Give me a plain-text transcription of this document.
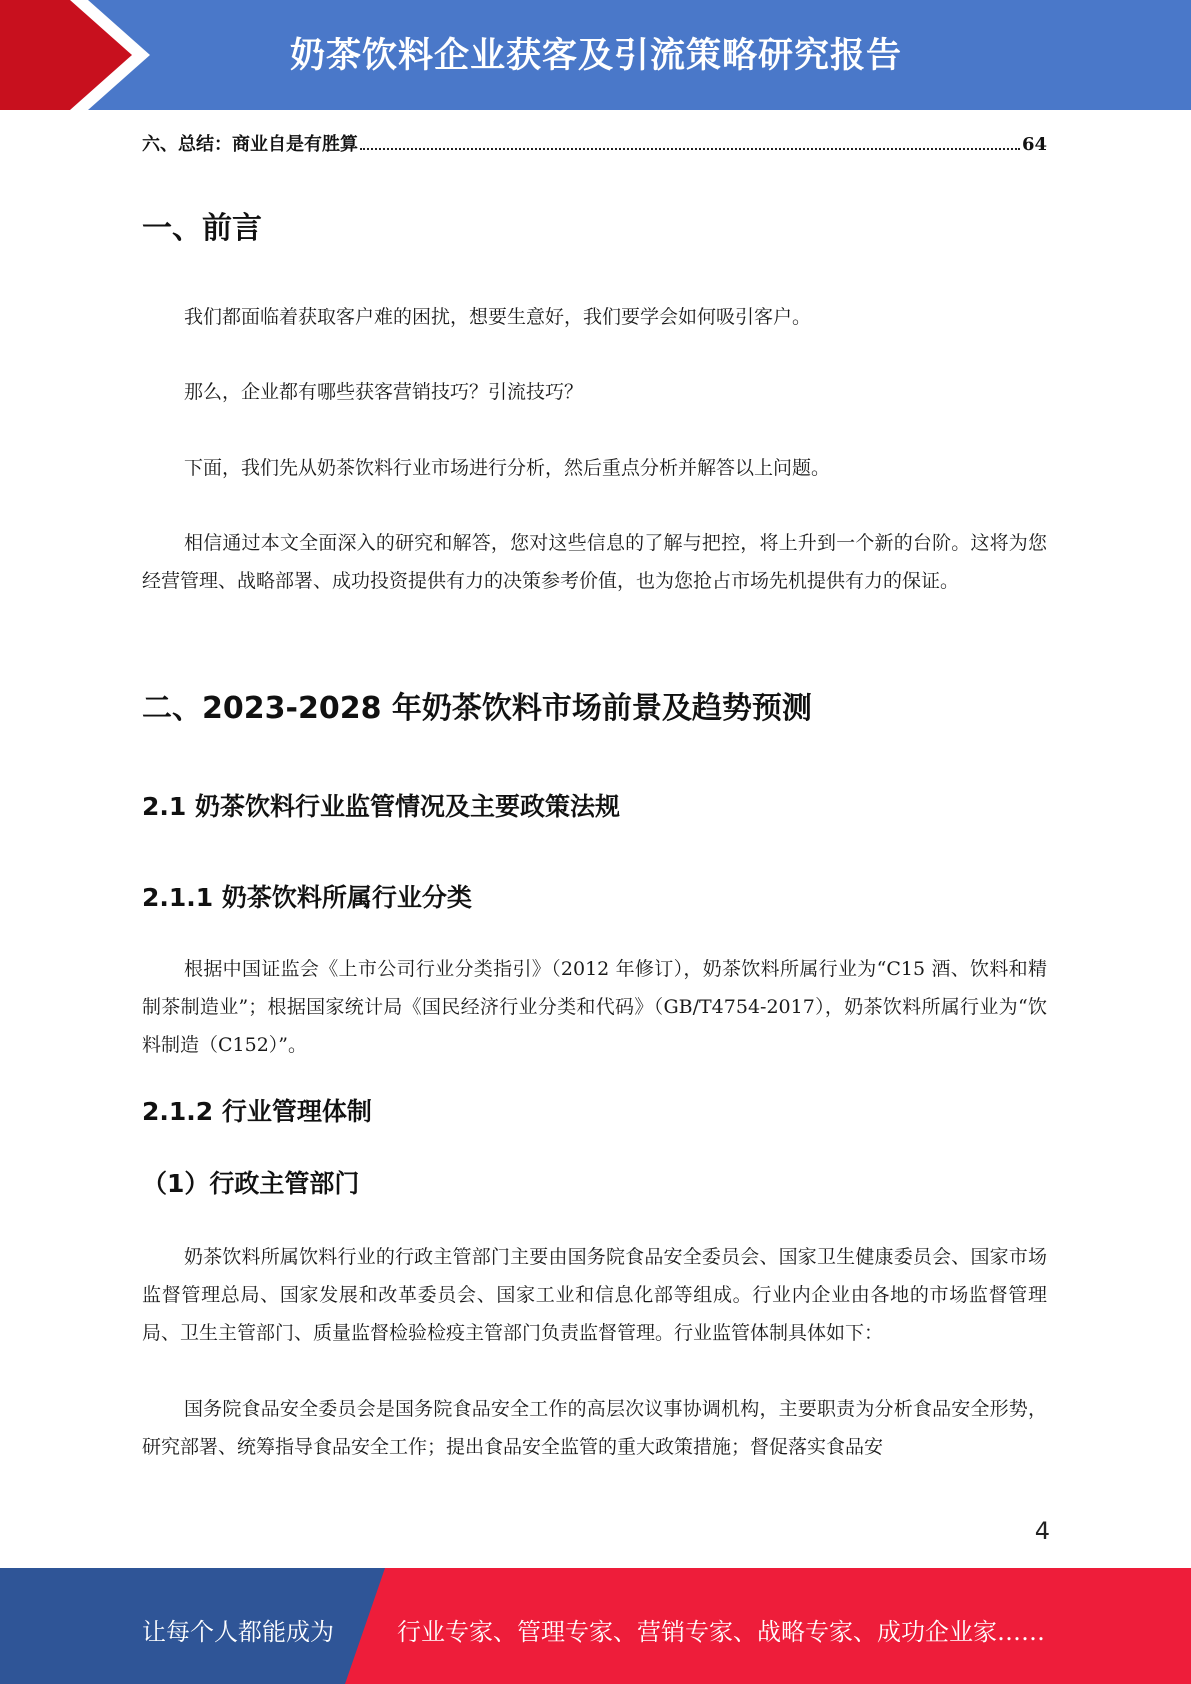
奶茶饮料企业获客及引流策略研究报告
六、总结：商业自是有胜算	64
一、前言
我们都面临着获取客户难的困扰，想要生意好，我们要学会如何吸引客户。
那么，企业都有哪些获客营销技巧？引流技巧？
下面，我们先从奶茶饮料行业市场进行分析，然后重点分析并解答以上问题。
相信通过本文全面深入的研究和解答，您对这些信息的了解与把控，将上升到一个新的台阶。这将为您经营管理、战略部署、成功投资提供有力的决策参考价值，也为您抢占市场先机提供有力的保证。
二、2023-2028 年奶茶饮料市场前景及趋势预测
2.1 奶茶饮料行业监管情况及主要政策法规
2.1.1 奶茶饮料所属行业分类
根据中国证监会《上市公司行业分类指引》（2012 年修订），奶茶饮料所属行业为“C15 酒、饮料和精制茶制造业”；根据国家统计局《国民经济行业分类和代码》（GB/T4754-2017），奶茶饮料所属行业为“饮料制造（C152）”。
2.1.2 行业管理体制
（1）行政主管部门
奶茶饮料所属饮料行业的行政主管部门主要由国务院食品安全委员会、国家卫生健康委员会、国家市场监督管理总局、国家发展和改革委员会、国家工业和信息化部等组成。行业内企业由各地的市场监督管理局、卫生主管部门、质量监督检验检疫主管部门负责监督管理。行业监管体制具体如下：
国务院食品安全委员会是国务院食品安全工作的高层次议事协调机构，主要职责为分析食品安全形势，研究部署、统筹指导食品安全工作；提出食品安全监管的重大政策措施；督促落实食品安
4
让每个人都能成为	行业专家、管理专家、营销专家、战略专家、成功企业家……
